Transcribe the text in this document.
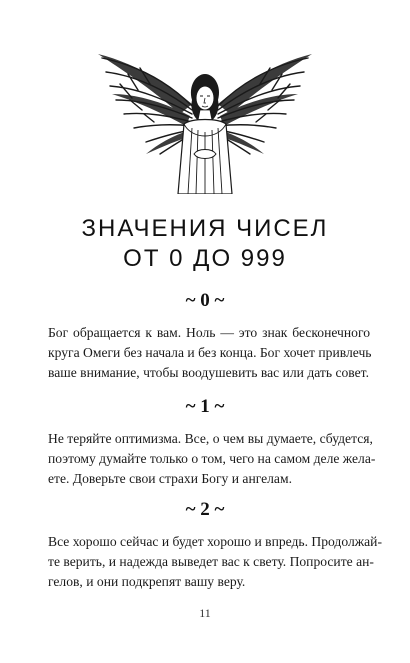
ЗНАЧЕНИЯ ЧИСЕЛ
ОТ 0 ДО 999
~ 0 ~

Бог обращается к вам. Ноль — это знак бесконечного
круга Омеги без начала и без конца. Бог хочет привлечь
ваше внимание, чтобы воодушевить вас или дать совет.

~ 1 ~

Не теряйте оптимизма. Все, о чем вы думаете, сбудется,
поэтому думайте только о том, чего на самом деле желa-
ете. Доверьте свои страхи Богу и ангелам.

~ 2 ~

Все хорошо сейчас и будет хорошо и впредь. Продолжай-
те верить, и надежда выведет вас к свету. Попросите ан-
гелов, и они подкрепят вашу веру.

11
